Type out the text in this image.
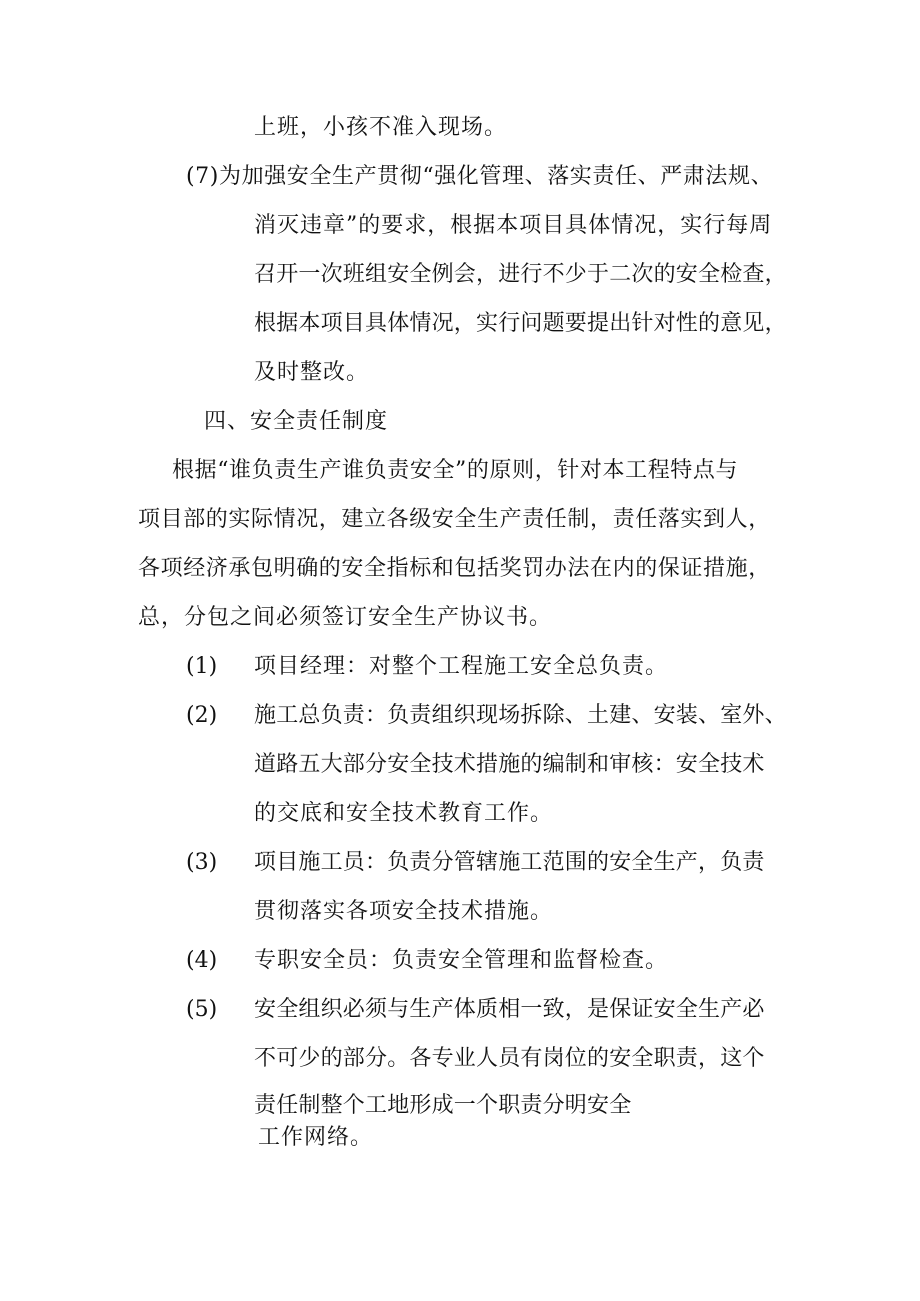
上班，小孩不准入现场。
(7)为加强安全生产贯彻“强化管理、落实责任、严肃法规、
消灭违章”的要求，根据本项目具体情况，实行每周
召开一次班组安全例会，进行不少于二次的安全检查，
根据本项目具体情况，实行问题要提出针对性的意见，
及时整改。
四、安全责任制度
根据“谁负责生产谁负责安全”的原则，针对本工程特点与
项目部的实际情况，建立各级安全生产责任制，责任落实到人，
各项经济承包明确的安全指标和包括奖罚办法在内的保证措施，
总，分包之间必须签订安全生产协议书。
(1) 项目经理：对整个工程施工安全总负责。
(2) 施工总负责：负责组织现场拆除、土建、安装、室外、
道路五大部分安全技术措施的编制和审核：安全技术
的交底和安全技术教育工作。
(3) 项目施工员：负责分管辖施工范围的安全生产，负责
贯彻落实各项安全技术措施。
(4) 专职安全员：负责安全管理和监督检查。
(5) 安全组织必须与生产体质相一致，是保证安全生产必
不可少的部分。各专业人员有岗位的安全职责，这个
责任制整个工地形成一个职责分明安全
工作网络。
